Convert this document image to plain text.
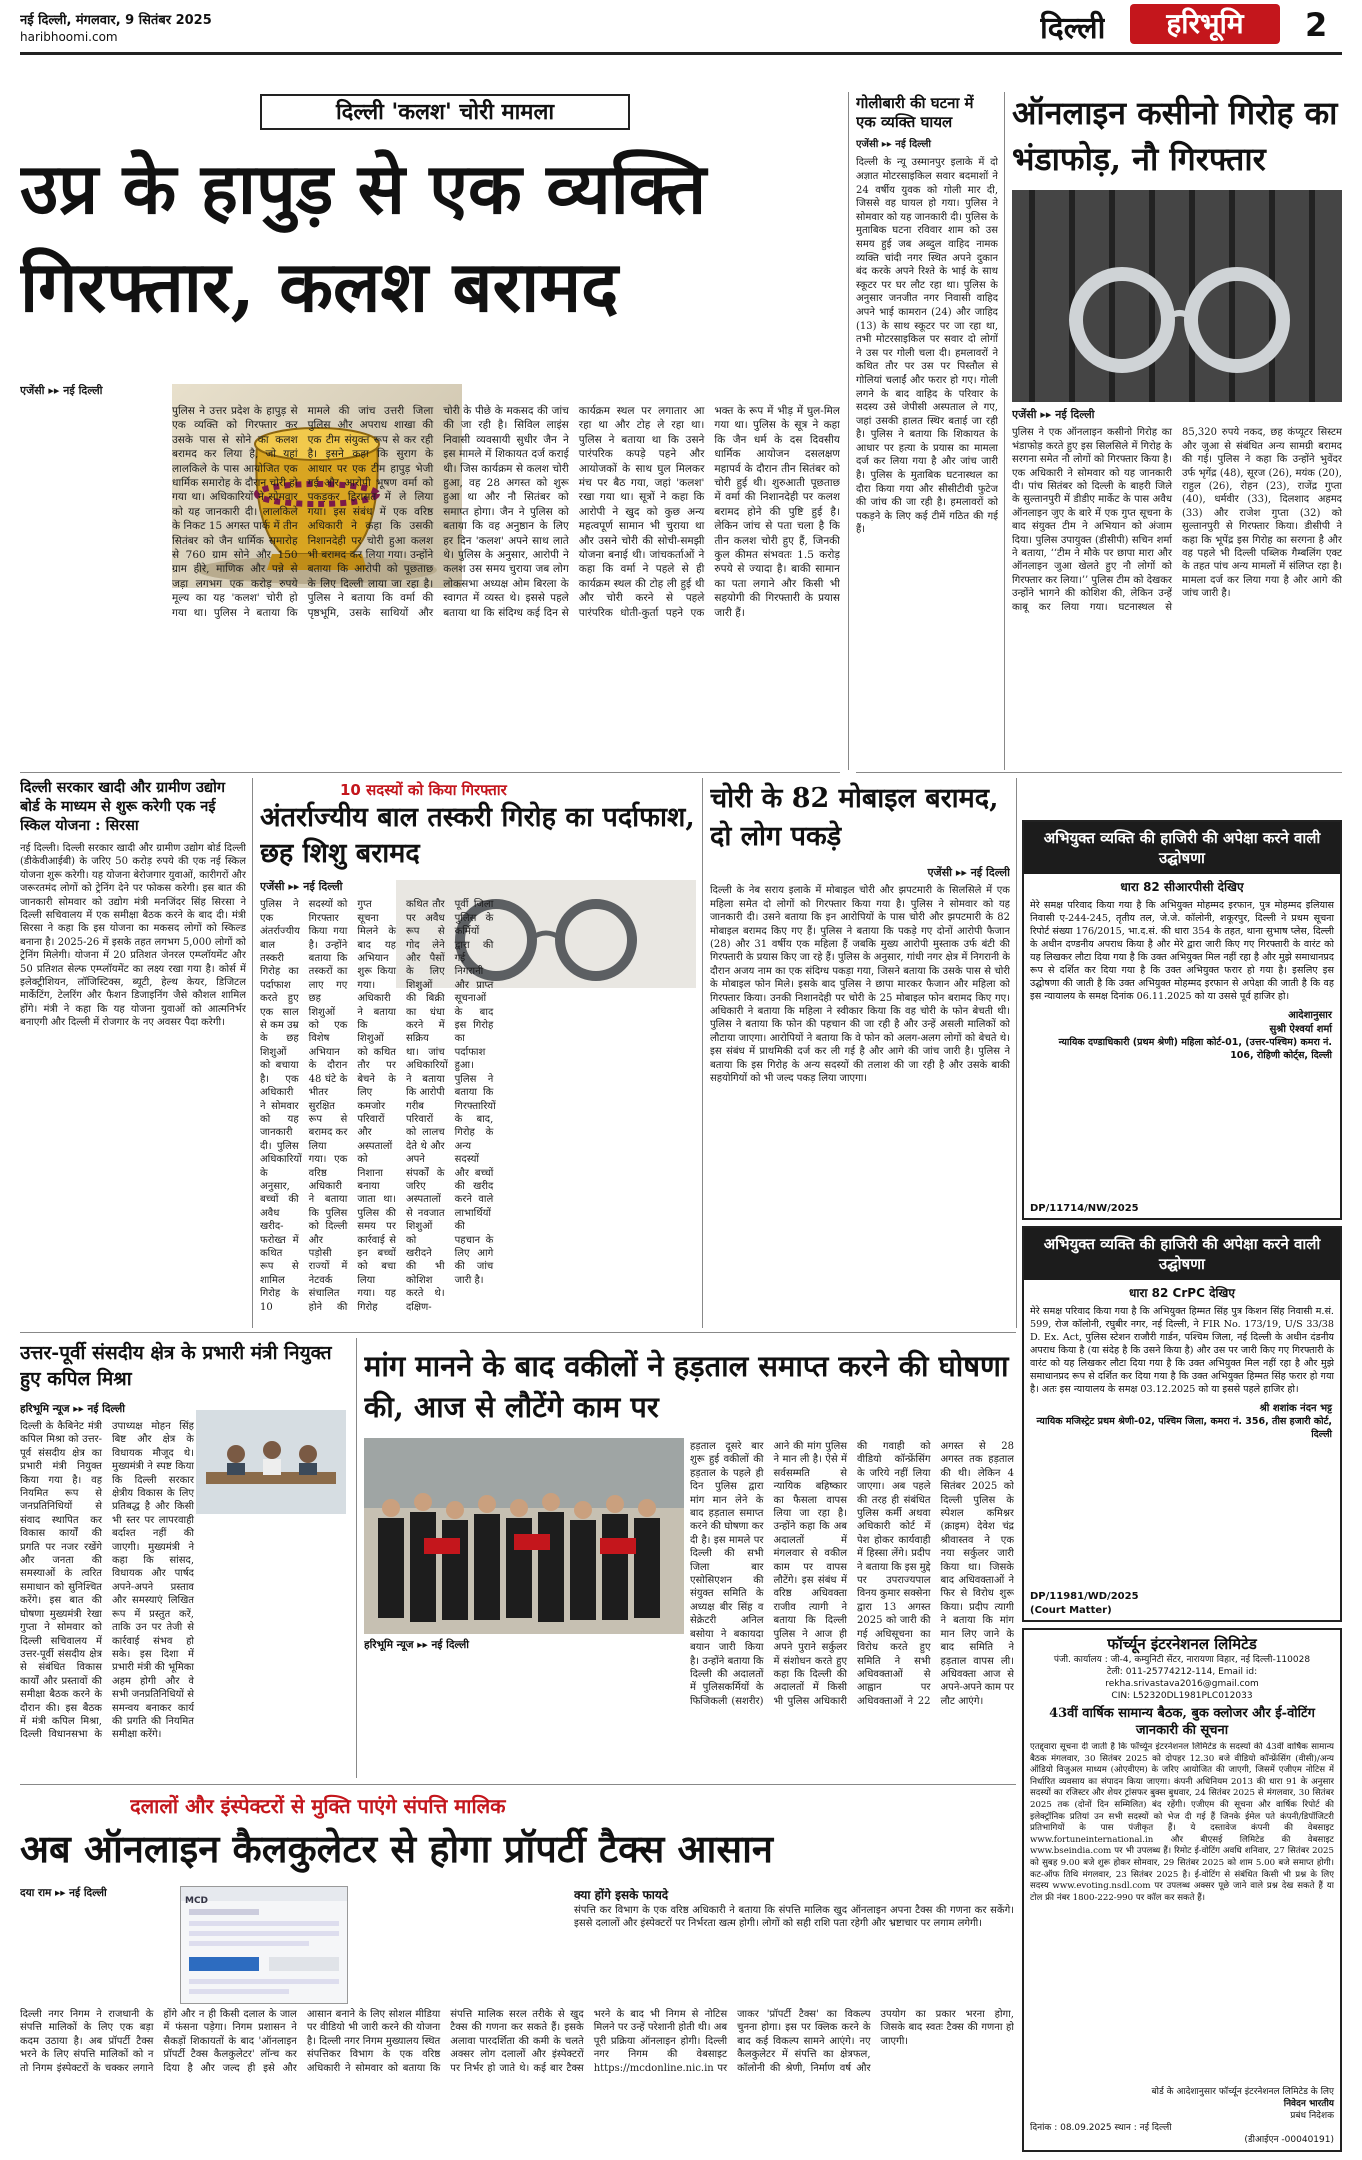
नई दिल्ली, मंगलवार, 9 सितंबर 2025
haribhoomi.com	दिल्ली	हरिभूमि	2
दिल्ली 'कलश' चोरी मामला
उप्र के हापुड़ से एक व्यक्ति गिरफ्तार, कलश बरामद
एजेंसी ▸▸ नई दिल्ली
पुलिस ने उत्तर प्रदेश के हापुड़ से एक व्यक्ति को गिरफ्तार कर उसके पास से सोने का कलश बरामद कर लिया है, जो यहां लालकिले के पास आयोजित एक धार्मिक समारोह के दौरान चोरी हो गया था। अधिकारियों ने सोमवार को यह जानकारी दी। लालकिले के निकट 15 अगस्त पार्क में तीन सितंबर को जैन धार्मिक समारोह से 760 ग्राम सोने और 150 ग्राम हीरे, माणिक और पन्ने से जड़ा लगभग एक करोड़ रुपये मूल्य का यह 'कलश' चोरी हो गया था। पुलिस ने बताया कि मामले की जांच उत्तरी जिला पुलिस और अपराध शाखा की एक टीम संयुक्त रूप से कर रही है। इसने कहा कि सुराग के आधार पर एक टीम हापुड़ भेजी गई और आरोपी भूषण वर्मा को पकड़कर हिरासत में ले लिया गया। इस संबंध में एक वरिष्ठ अधिकारी ने कहा कि उसकी निशानदेही पर चोरी हुआ कलश भी बरामद कर लिया गया। उन्होंने बताया कि आरोपी को पूछताछ के लिए दिल्ली लाया जा रहा है। पुलिस ने बताया कि वर्मा की पृष्ठभूमि, उसके साथियों और चोरी के पीछे के मकसद की जांच की जा रही है। सिविल लाइंस निवासी व्यवसायी सुधीर जैन ने इस मामले में शिकायत दर्ज कराई थी। जिस कार्यक्रम से कलश चोरी हुआ, वह 28 अगस्त को शुरू हुआ था और नौ सितंबर को समाप्त होगा। जैन ने पुलिस को बताया कि वह अनुष्ठान के लिए हर दिन 'कलश' अपने साथ लाते थे। पुलिस के अनुसार, आरोपी ने कलश उस समय चुराया जब लोग लोकसभा अध्यक्ष ओम बिरला के स्वागत में व्यस्त थे। इससे पहले बताया था कि संदिग्ध कई दिन से कार्यक्रम स्थल पर लगातार आ रहा था और टोह ले रहा था। पुलिस ने बताया था कि उसने पारंपरिक कपड़े पहने और आयोजकों के साथ घुल मिलकर मंच पर बैठ गया, जहां 'कलश' रखा गया था। सूत्रों ने कहा कि आरोपी ने खुद को कुछ अन्य महत्वपूर्ण सामान भी चुराया था और उसने चोरी की सोची-समझी योजना बनाई थी। जांचकर्ताओं ने कहा कि वर्मा ने पहले से ही कार्यक्रम स्थल की टोह ली हुई थी और चोरी करने से पहले पारंपरिक धोती-कुर्ता पहने एक भक्त के रूप में भीड़ में घुल-मिल गया था। पुलिस के सूत्र ने कहा कि जैन धर्म के दस दिवसीय धार्मिक आयोजन दसलक्षण महापर्व के दौरान तीन सितंबर को चोरी हुई थी। शुरुआती पूछताछ में वर्मा की निशानदेही पर कलश बरामद होने की पुष्टि हुई है। लेकिन जांच से पता चला है कि तीन कलश चोरी हुए हैं, जिनकी कुल कीमत संभवतः 1.5 करोड़ रुपये से ज्यादा है। बाकी सामान का पता लगाने और किसी भी सहयोगी की गिरफ्तारी के प्रयास जारी हैं।
गोलीबारी की घटना में एक व्यक्ति घायल
एजेंसी ▸▸ नई दिल्ली
दिल्ली के न्यू उस्मानपुर इलाके में दो अज्ञात मोटरसाइकिल सवार बदमाशों ने 24 वर्षीय युवक को गोली मार दी, जिससे वह घायल हो गया। पुलिस ने सोमवार को यह जानकारी दी। पुलिस के मुताबिक घटना रविवार शाम को उस समय हुई जब अब्दुल वाहिद नामक व्यक्ति चांदी नगर स्थित अपने दुकान बंद करके अपने रिश्ते के भाई के साथ स्कूटर पर घर लौट रहा था। पुलिस के अनुसार जनजीत नगर निवासी वाहिद अपने भाई कामरान (24) और जाहिद (13) के साथ स्कूटर पर जा रहा था, तभी मोटरसाइकिल पर सवार दो लोगों ने उस पर गोली चला दी। हमलावरों ने कथित तौर पर उस पर पिस्तौल से गोलियां चलाईं और फरार हो गए। गोली लगने के बाद वाहिद के परिवार के सदस्य उसे जेपीसी अस्पताल ले गए, जहां उसकी हालत स्थिर बताई जा रही है। पुलिस ने बताया कि शिकायत के आधार पर हत्या के प्रयास का मामला दर्ज कर लिया गया है और जांच जारी है। पुलिस के मुताबिक घटनास्थल का दौरा किया गया और सीसीटीवी फुटेज की जांच की जा रही है। हमलावरों को पकड़ने के लिए कई टीमें गठित की गई हैं।
ऑनलाइन कसीनो गिरोह का भंडाफोड़, नौ गिरफ्तार
एजेंसी ▸▸ नई दिल्ली
पुलिस ने एक ऑनलाइन कसीनो गिरोह का भंडाफोड़ करते हुए इस सिलसिले में गिरोह के सरगना समेत नौ लोगों को गिरफ्तार किया है। एक अधिकारी ने सोमवार को यह जानकारी दी। पांच सितंबर को दिल्ली के बाहरी जिले के सुल्तानपुरी में डीडीए मार्केट के पास अवैध ऑनलाइन जुए के बारे में एक गुप्त सूचना के बाद संयुक्त टीम ने अभियान को अंजाम दिया। पुलिस उपायुक्त (डीसीपी) सचिन शर्मा ने बताया, ‘‘टीम ने मौके पर छापा मारा और ऑनलाइन जुआ खेलते हुए नौ लोगों को गिरफ्तार कर लिया।’’ पुलिस टीम को देखकर उन्होंने भागने की कोशिश की, लेकिन उन्हें काबू कर लिया गया। घटनास्थल से 85,320 रुपये नकद, छह कंप्यूटर सिस्टम और जुआ से संबंधित अन्य सामग्री बरामद की गई। पुलिस ने कहा कि उन्होंने भुवेंदर उर्फ भृगेंद्र (48), सूरज (26), मयंक (20), राहुल (26), रोहन (23), राजेंद्र गुप्ता (40), धर्मवीर (33), दिलशाद अहमद (33) और राजेश गुप्ता (32) को सुल्तानपुरी से गिरफ्तार किया। डीसीपी ने कहा कि भूपेंद्र इस गिरोह का सरगना है और वह पहले भी दिल्ली पब्लिक गैम्बलिंग एक्ट के तहत पांच अन्य मामलों में संलिप्त रहा है। मामला दर्ज कर लिया गया है और आगे की जांच जारी है।
दिल्ली सरकार खादी और ग्रामीण उद्योग बोर्ड के माध्यम से शुरू करेगी एक नई स्किल योजना : सिरसा
नई दिल्ली। दिल्ली सरकार खादी और ग्रामीण उद्योग बोर्ड दिल्ली (डीकेवीआईबी) के जरिए 50 करोड़ रुपये की एक नई स्किल योजना शुरू करेगी। यह योजना बेरोजगार युवाओं, कारीगरों और जरूरतमंद लोगों को ट्रेनिंग देने पर फोकस करेगी। इस बात की जानकारी सोमवार को उद्योग मंत्री मनजिंदर सिंह सिरसा ने दिल्ली सचिवालय में एक समीक्षा बैठक करने के बाद दी। मंत्री सिरसा ने कहा कि इस योजना का मकसद लोगों को स्किल्ड बनाना है। 2025-26 में इसके तहत लगभग 5,000 लोगों को ट्रेनिंग मिलेगी। योजना में 20 प्रतिशत जेनरल एम्प्लॉयमेंट और 50 प्रतिशत सेल्फ एम्प्लॉयमेंट का लक्ष्य रखा गया है। कोर्स में इलेक्ट्रीशियन, लॉजिस्टिक्स, ब्यूटी, हेल्थ केयर, डिजिटल मार्केटिंग, टेलरिंग और फैशन डिजाइनिंग जैसे कौशल शामिल होंगे। मंत्री ने कहा कि यह योजना युवाओं को आत्मनिर्भर बनाएगी और दिल्ली में रोजगार के नए अवसर पैदा करेगी।
10 सदस्यों को किया गिरफ्तार
अंतर्राज्यीय बाल तस्करी गिरोह का पर्दाफाश, छह शिशु बरामद
एजेंसी ▸▸ नई दिल्ली
पुलिस ने एक अंतर्राज्यीय बाल तस्करी गिरोह का पर्दाफाश करते हुए एक साल से कम उम्र के छह शिशुओं को बचाया है। एक अधिकारी ने सोमवार को यह जानकारी दी। पुलिस अधिकारियों के अनुसार, बच्चों की अवैध खरीद-फरोख्त में कथित रूप से शामिल गिरोह के 10 सदस्यों को गिरफ्तार किया गया है। उन्होंने बताया कि तस्करों का लाए गए छह शिशुओं को एक विशेष अभियान के दौरान 48 घंटे के भीतर सुरक्षित रूप से बरामद कर लिया गया। एक वरिष्ठ अधिकारी ने बताया कि पुलिस को दिल्ली और पड़ोसी राज्यों में नेटवर्क संचालित होने की गुप्त सूचना मिलने के बाद यह अभियान शुरू किया गया। अधिकारी ने बताया कि शिशुओं को कथित तौर पर बेचने के लिए कमजोर परिवारों और अस्पतालों को निशाना बनाया जाता था। पुलिस की समय पर कार्रवाई से इन बच्चों को बचा लिया गया। यह गिरोह कथित तौर पर अवैध रूप से गोद लेने और पैसों के लिए शिशुओं की बिक्री का धंधा करने में सक्रिय था। जांच अधिकारियों ने बताया कि आरोपी गरीब परिवारों को लालच देते थे और अपने संपर्कों के जरिए अस्पतालों से नवजात शिशुओं को खरीदने की भी कोशिश करते थे। दक्षिण-पूर्वी जिला पुलिस के कर्मियों द्वारा की गई निगरानी और प्राप्त सूचनाओं के बाद इस गिरोह का पर्दाफाश हुआ। पुलिस ने बताया कि गिरफ्तारियों के बाद, गिरोह के अन्य सदस्यों और बच्चों की खरीद करने वाले लाभार्थियों की पहचान के लिए आगे की जांच जारी है।
चोरी के 82 मोबाइल बरामद, दो लोग पकड़े
एजेंसी ▸▸ नई दिल्ली
दिल्ली के नेब सराय इलाके में मोबाइल चोरी और झपटमारी के सिलसिले में एक महिला समेत दो लोगों को गिरफ्तार किया गया है। पुलिस ने सोमवार को यह जानकारी दी। उसने बताया कि इन आरोपियों के पास चोरी और झपटमारी के 82 मोबाइल बरामद किए गए हैं। पुलिस ने बताया कि पकड़े गए दोनों आरोपी फैजान (28) और 31 वर्षीय एक महिला हैं जबकि मुख्य आरोपी मुस्ताक उर्फ बंटी की गिरफ्तारी के प्रयास किए जा रहे हैं। पुलिस के अनुसार, गांधी नगर क्षेत्र में निगरानी के दौरान अजय नाम का एक संदिग्ध पकड़ा गया, जिसने बताया कि उसके पास से चोरी के मोबाइल फोन मिले। इसके बाद पुलिस ने छापा मारकर फैजान और महिला को गिरफ्तार किया। उनकी निशानदेही पर चोरी के 25 मोबाइल फोन बरामद किए गए। अधिकारी ने बताया कि महिला ने स्वीकार किया कि वह चोरी के फोन बेचती थी। पुलिस ने बताया कि फोन की पहचान की जा रही है और उन्हें असली मालिकों को लौटाया जाएगा। आरोपियों ने बताया कि वे फोन को अलग-अलग लोगों को बेचते थे। इस संबंध में प्राथमिकी दर्ज कर ली गई है और आगे की जांच जारी है। पुलिस ने बताया कि इस गिरोह के अन्य सदस्यों की तलाश की जा रही है और उसके बाकी सहयोगियों को भी जल्द पकड़ लिया जाएगा।
अभियुक्त व्यक्ति की हाजिरी की अपेक्षा करने वाली उद्घोषणा
धारा 82 सीआरपीसी देखिए
मेरे समक्ष परिवाद किया गया है कि अभियुक्त मोहम्मद इरफान, पुत्र मोहम्मद इलियास निवासी ए-244-245, तृतीय तल, जे.जे. कॉलोनी, शकूरपुर, दिल्ली ने प्रथम सूचना रिपोर्ट संख्या 176/2015, भा.द.सं. की धारा 354 के तहत, थाना सुभाष प्लेस, दिल्ली के अधीन दण्डनीय अपराध किया है और मेरे द्वारा जारी किए गए गिरफ्तारी के वारंट को यह लिखकर लौटा दिया गया है कि उक्त अभियुक्त मिल नहीं रहा है और मुझे समाधानप्रद रूप से दर्शित कर दिया गया है कि उक्त अभियुक्त फरार हो गया है। इसलिए इस उद्घोषणा की जाती है कि उक्त अभियुक्त मोहम्मद इरफान से अपेक्षा की जाती है कि वह इस न्यायालय के समक्ष दिनांक 06.11.2025 को या उससे पूर्व हाजिर हो।
आदेशानुसार
सुश्री ऐश्वर्या शर्मा
न्यायिक दण्डाधिकारी (प्रथम श्रेणी) महिला कोर्ट-01, (उत्तर-पश्चिम) कमरा नं. 106, रोहिणी कोर्ट्स, दिल्ली
DP/11714/NW/2025
अभियुक्त व्यक्ति की हाजिरी की अपेक्षा करने वाली उद्घोषणा
धारा 82 CrPC देखिए
मेरे समक्ष परिवाद किया गया है कि अभियुक्त हिम्मत सिंह पुत्र किशन सिंह निवासी म.सं. 599, रोज कॉलोनी, रघुबीर नगर, नई दिल्ली, ने FIR No. 173/19, U/S 33/38 D. Ex. Act, पुलिस स्टेशन राजौरी गार्डन, पश्चिम जिला, नई दिल्ली के अधीन दंडनीय अपराध किया है (या संदेह है कि उसने किया है) और उस पर जारी किए गए गिरफ्तारी के वारंट को यह लिखकर लौटा दिया गया है कि उक्त अभियुक्त मिल नहीं रहा है और मुझे समाधानप्रद रूप से दर्शित कर दिया गया है कि उक्त अभियुक्त हिम्मत सिंह फरार हो गया है। अतः इस न्यायालय के समक्ष 03.12.2025 को या इससे पहले हाजिर हो।
श्री शशांक नंदन भट्ट
न्यायिक मजिस्ट्रेट प्रथम श्रेणी-02, पश्चिम जिला, कमरा नं. 356, तीस हजारी कोर्ट, दिल्ली
DP/11981/WD/2025
(Court Matter)
उत्तर-पूर्वी संसदीय क्षेत्र के प्रभारी मंत्री नियुक्त हुए कपिल मिश्रा
हरिभूमि न्यूज ▸▸ नई दिल्ली
दिल्ली के कैबिनेट मंत्री कपिल मिश्रा को उत्तर-पूर्व संसदीय क्षेत्र का प्रभारी मंत्री नियुक्त किया गया है। वह नियमित रूप से जनप्रतिनिधियों से संवाद स्थापित कर विकास कार्यों की प्रगति पर नजर रखेंगे और जनता की समस्याओं के त्वरित समाधान को सुनिश्चित करेंगे। इस बात की घोषणा मुख्यमंत्री रेखा गुप्ता ने सोमवार को दिल्ली सचिवालय में उत्तर-पूर्वी संसदीय क्षेत्र से संबंधित विकास कार्यों और प्रस्तावों की समीक्षा बैठक करने के दौरान की। इस बैठक में मंत्री कपिल मिश्रा, दिल्ली विधानसभा के उपाध्यक्ष मोहन सिंह बिष्ट और क्षेत्र के विधायक मौजूद थे। मुख्यमंत्री ने स्पष्ट किया कि दिल्ली सरकार क्षेत्रीय विकास के लिए प्रतिबद्ध है और किसी भी स्तर पर लापरवाही बर्दाश्त नहीं की जाएगी। मुख्यमंत्री ने कहा कि सांसद, विधायक और पार्षद अपने-अपने प्रस्ताव और समस्याएं लिखित रूप में प्रस्तुत करें, ताकि उन पर तेजी से कार्रवाई संभव हो सके। इस दिशा में प्रभारी मंत्री की भूमिका अहम होगी और वे सभी जनप्रतिनिधियों से समन्वय बनाकर कार्य की प्रगति की नियमित समीक्षा करेंगे।
मांग मानने के बाद वकीलों ने हड़ताल समाप्त करने की घोषणा की, आज से लौटेंगे काम पर
हरिभूमि न्यूज ▸▸ नई दिल्ली
हड़ताल दूसरे बार शुरू हुई वकीलों की हड़ताल के पहले ही दिन पुलिस द्वारा मांग मान लेने के बाद हड़ताल समाप्त करने की घोषणा कर दी है। इस मामले पर दिल्ली की सभी जिला बार एसोसिएशन की संयुक्त समिति के अध्यक्ष बीर सिंह व सेक्रेटरी अनिल बसोया ने बकायदा बयान जारी किया है। उन्होंने बताया कि दिल्ली की अदालतों में पुलिसकर्मियों के फिजिकली (सशरीर) आने की मांग पुलिस ने मान ली है। ऐसे में सर्वसम्मति से न्यायिक बहिष्कार का फैसला वापस लिया जा रहा है। उन्होंने कहा कि अब अदालतों में मंगलवार से वकील काम पर वापस लौटेंगे। इस संबंध में वरिष्ठ अधिवक्ता राजीव त्यागी ने बताया कि दिल्ली पुलिस ने आज ही अपने पुराने सर्कुलर में संशोधन करते हुए कहा कि दिल्ली की अदालतों में किसी भी पुलिस अधिकारी की गवाही को वीडियो कॉन्फ्रेंसिंग के जरिये नहीं लिया जाएगा। अब पहले की तरह ही संबंधित पुलिस कर्मी अथवा अधिकारी कोर्ट में पेश होकर कार्यवाही में हिस्सा लेंगे। प्रदीप ने बताया कि इस मुद्दे पर उपराज्यपाल विनय कुमार सक्सेना द्वारा 13 अगस्त 2025 को जारी की गई अधिसूचना का विरोध करते हुए समिति ने सभी अधिवक्ताओं से आह्वान पर अधिवक्ताओं ने 22 अगस्त से 28 अगस्त तक हड़ताल की थी। लेकिन 4 सितंबर 2025 को दिल्ली पुलिस के स्पेशल कमिश्नर (क्राइम) देवेश चंद्र श्रीवास्तव ने एक नया सर्कुलर जारी किया था। जिसके बाद अधिवक्ताओं ने फिर से विरोध शुरू किया। प्रदीप त्यागी ने बताया कि मांग मान लिए जाने के बाद समिति ने हड़ताल वापस ली। अधिवक्ता आज से अपने-अपने काम पर लौट आएंगे।
दलालों और इंस्पेक्टरों से मुक्ति पाएंगे संपत्ति मालिक
अब ऑनलाइन कैलकुलेटर से होगा प्रॉपर्टी टैक्स आसान
दया राम ▸▸ नई दिल्ली
MCD	क्या होंगे इसके फायदे
संपत्ति कर विभाग के एक वरिष्ठ अधिकारी ने बताया कि संपत्ति मालिक खुद ऑनलाइन अपना टैक्स की गणना कर सकेंगे। इससे दलालों और इंस्पेक्टरों पर निर्भरता खत्म होगी। लोगों को सही राशि पता रहेगी और भ्रष्टाचार पर लगाम लगेगी।
दिल्ली नगर निगम ने राजधानी के संपत्ति मालिकों के लिए एक बड़ा कदम उठाया है। अब प्रॉपर्टी टैक्स भरने के लिए संपत्ति मालिकों को न तो निगम इंस्पेक्टरों के चक्कर लगाने होंगे और न ही किसी दलाल के जाल में फंसना पड़ेगा। निगम प्रशासन ने सैकड़ों शिकायतों के बाद 'ऑनलाइन प्रॉपर्टी टैक्स कैलकुलेटर' लॉन्च कर दिया है और जल्द ही इसे और आसान बनाने के लिए सोशल मीडिया पर वीडियो भी जारी करने की योजना है। दिल्ली नगर निगम मुख्यालय स्थित संपत्तिकर विभाग के एक वरिष्ठ अधिकारी ने सोमवार को बताया कि संपत्ति मालिक सरल तरीके से खुद टैक्स की गणना कर सकते हैं। इसके अलावा पारदर्शिता की कमी के चलते अक्सर लोग दलालों और इंस्पेक्टरों पर निर्भर हो जाते थे। कई बार टैक्स भरने के बाद भी निगम से नोटिस मिलने पर उन्हें परेशानी होती थी। अब पूरी प्रक्रिया ऑनलाइन होगी। दिल्ली नगर निगम की वेबसाइट https://mcdonline.nic.in पर जाकर 'प्रॉपर्टी टैक्स' का विकल्प चुनना होगा। इस पर क्लिक करने के बाद कई विकल्प सामने आएंगे। नए कैलकुलेटर में संपत्ति का क्षेत्रफल, कॉलोनी की श्रेणी, निर्माण वर्ष और उपयोग का प्रकार भरना होगा, जिसके बाद स्वतः टैक्स की गणना हो जाएगी।
फॉर्च्यून इंटरनेशनल लिमिटेड
पंजी. कार्यालय : जी-4, कम्युनिटी सेंटर, नारायणा विहार, नई दिल्ली-110028
टेली: 011-25774212-114, Email id: rekha.srivastava2016@gmail.com
CIN: L52320DL1981PLC012033
43वीं वार्षिक सामान्य बैठक, बुक क्लोजर और ई-वोटिंग जानकारी की सूचना
एतद्द्वारा सूचना दी जाती है कि फॉर्च्यून इंटरनेशनल लिमिटेड के सदस्यों की 43वीं वार्षिक सामान्य बैठक मंगलवार, 30 सितंबर 2025 को दोपहर 12.30 बजे वीडियो कॉन्फ्रेंसिंग (वीसी)/अन्य ऑडियो विजुअल माध्यम (ओएवीएम) के जरिए आयोजित की जाएगी, जिसमें एजीएम नोटिस में निर्धारित व्यवसाय का संपादन किया जाएगा। कंपनी अधिनियम 2013 की धारा 91 के अनुसार सदस्यों का रजिस्टर और शेयर ट्रांसफर बुक्स बुधवार, 24 सितंबर 2025 से मंगलवार, 30 सितंबर 2025 तक (दोनों दिन सम्मिलित) बंद रहेंगी। एजीएम की सूचना और वार्षिक रिपोर्ट की इलेक्ट्रॉनिक प्रतियां उन सभी सदस्यों को भेज दी गई हैं जिनके ईमेल पते कंपनी/डिपॉजिटरी प्रतिभागियों के पास पंजीकृत हैं। ये दस्तावेज कंपनी की वेबसाइट www.fortuneinternational.in और बीएसई लिमिटेड की वेबसाइट www.bseindia.com पर भी उपलब्ध हैं। रिमोट ई-वोटिंग अवधि शनिवार, 27 सितंबर 2025 को सुबह 9.00 बजे शुरू होकर सोमवार, 29 सितंबर 2025 को शाम 5.00 बजे समाप्त होगी। कट-ऑफ तिथि मंगलवार, 23 सितंबर 2025 है। ई-वोटिंग से संबंधित किसी भी प्रश्न के लिए सदस्य www.evoting.nsdl.com पर उपलब्ध अक्सर पूछे जाने वाले प्रश्न देख सकते हैं या टोल फ्री नंबर 1800-222-990 पर कॉल कर सकते हैं।
बोर्ड के आदेशानुसार फॉर्च्यून इंटरनेशनल लिमिटेड के लिए
निवेदन भारतीय
प्रबंध निदेशक
दिनांक : 08.09.2025 स्थान : नई दिल्ली
(डीआईएन -00040191)
